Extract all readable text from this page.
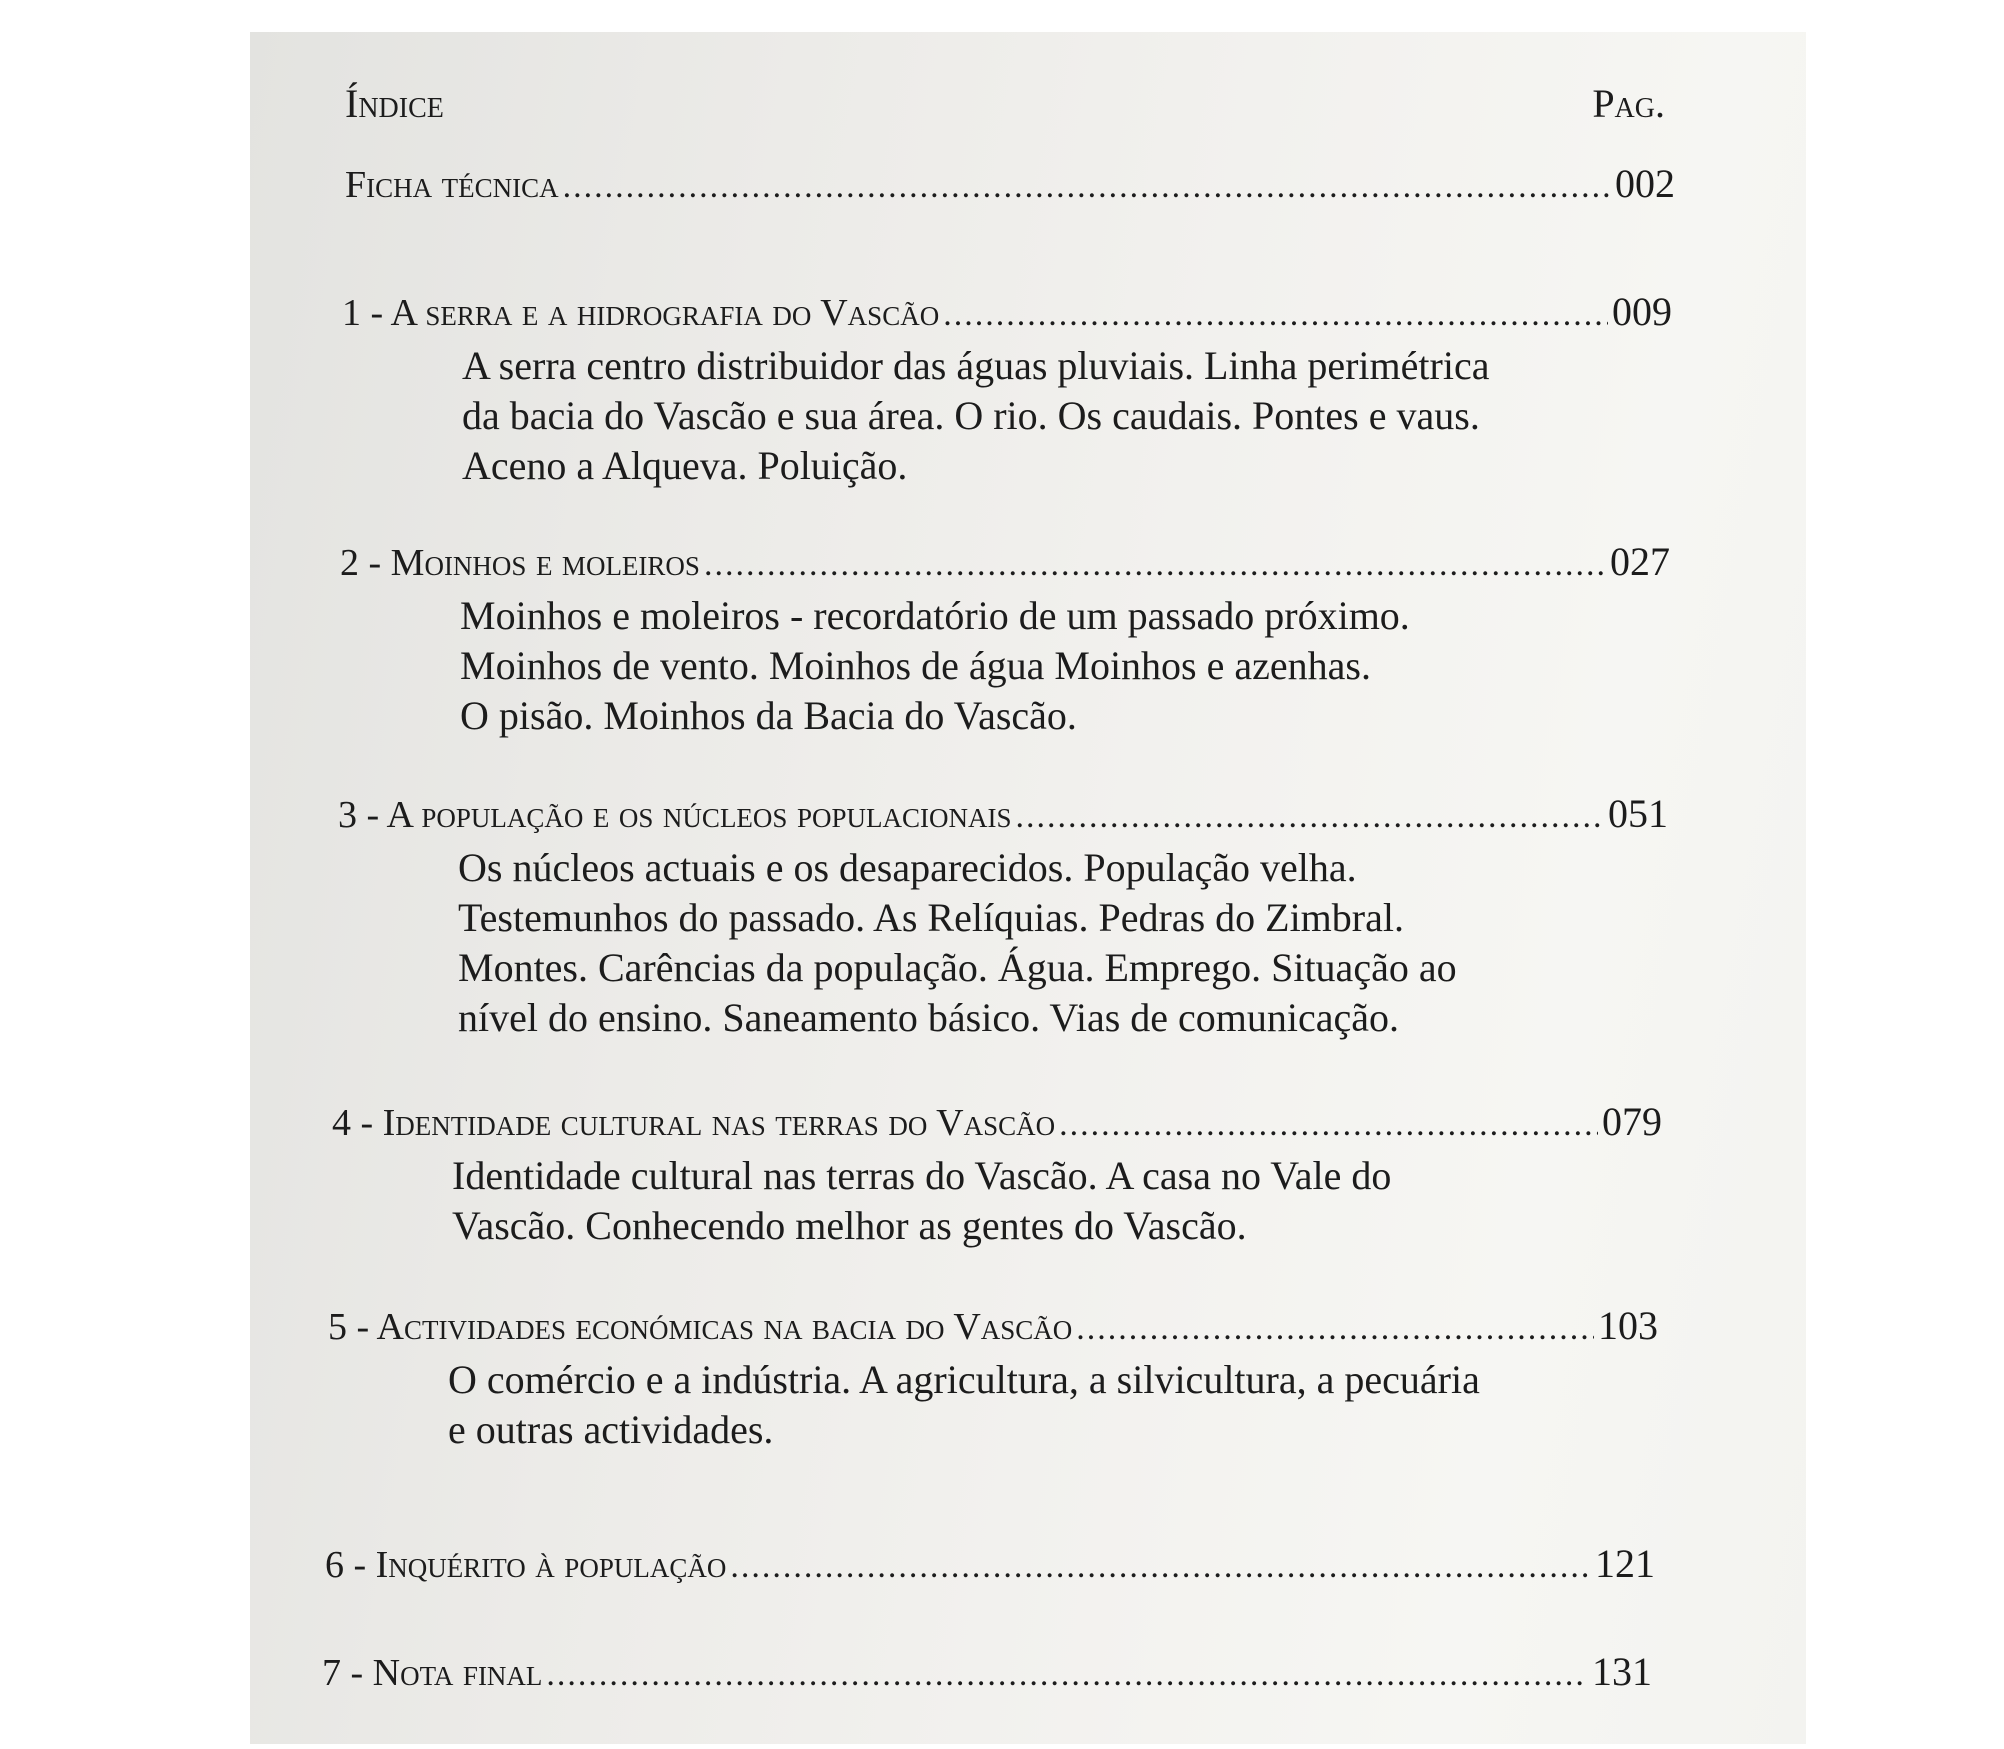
Índice	Pag.
Ficha técnica .....	002
1 - A serra e a hidrografia do Vascão .....	009
A serra centro distribuidor das águas pluviais. Linha perimétrica
da bacia do Vascão e sua área. O rio. Os caudais. Pontes e vaus.
Aceno a Alqueva. Poluição.
2 - Moinhos e moleiros .....	027
Moinhos e moleiros - recordatório de um passado próximo.
Moinhos de vento. Moinhos de água Moinhos e azenhas.
O pisão. Moinhos da Bacia do Vascão.
3 - A população e os núcleos populacionais .....	051
Os núcleos actuais e os desaparecidos. População velha.
Testemunhos do passado. As Relíquias. Pedras do Zimbral.
Montes. Carências da população. Água. Emprego. Situação ao
nível do ensino. Saneamento básico. Vias de comunicação.
4 - Identidade cultural nas terras do Vascão .....	079
Identidade cultural nas terras do Vascão. A casa no Vale do
Vascão. Conhecendo melhor as gentes do Vascão.
5 - Actividades económicas na bacia do Vascão .....	103
O comércio e a indústria. A agricultura, a silvicultura, a pecuária
e outras actividades.
6 - Inquérito à população .....	121
7 - Nota final .....	131
